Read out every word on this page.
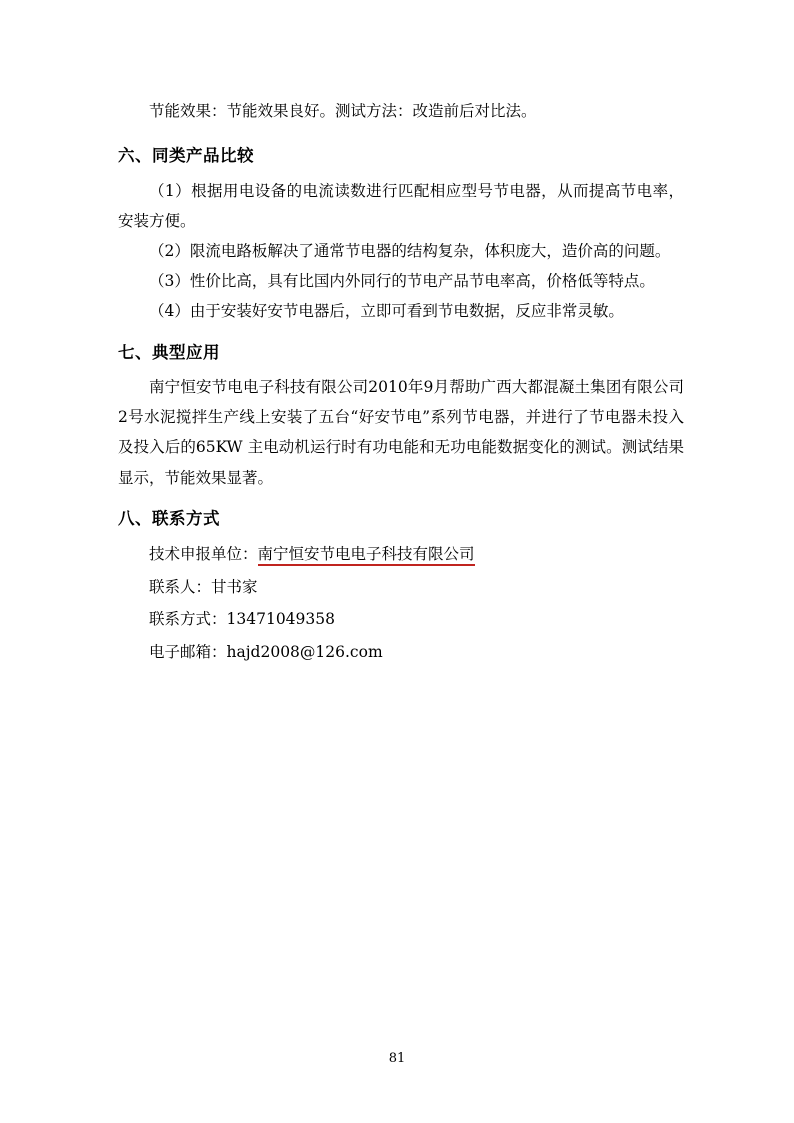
节能效果：节能效果良好。测试方法：改造前后对比法。

六、同类产品比较

（1）根据用电设备的电流读数进行匹配相应型号节电器，从而提高节电率，安装方便。

（2）限流电路板解决了通常节电器的结构复杂，体积庞大，造价高的问题。

（3）性价比高，具有比国内外同行的节电产品节电率高，价格低等特点。

（4）由于安装好安节电器后，立即可看到节电数据，反应非常灵敏。

七、典型应用

南宁恒安节电电子科技有限公司2010年9月帮助广西大都混凝土集团有限公司2号水泥搅拌生产线上安装了五台“好安节电”系列节电器，并进行了节电器未投入及投入后的65KW 主电动机运行时有功电能和无功电能数据变化的测试。测试结果显示，节能效果显著。

八、联系方式

技术申报单位：南宁恒安节电电子科技有限公司

联系人：甘书家

联系方式：13471049358

电子邮箱：hajd2008@126.com

81
